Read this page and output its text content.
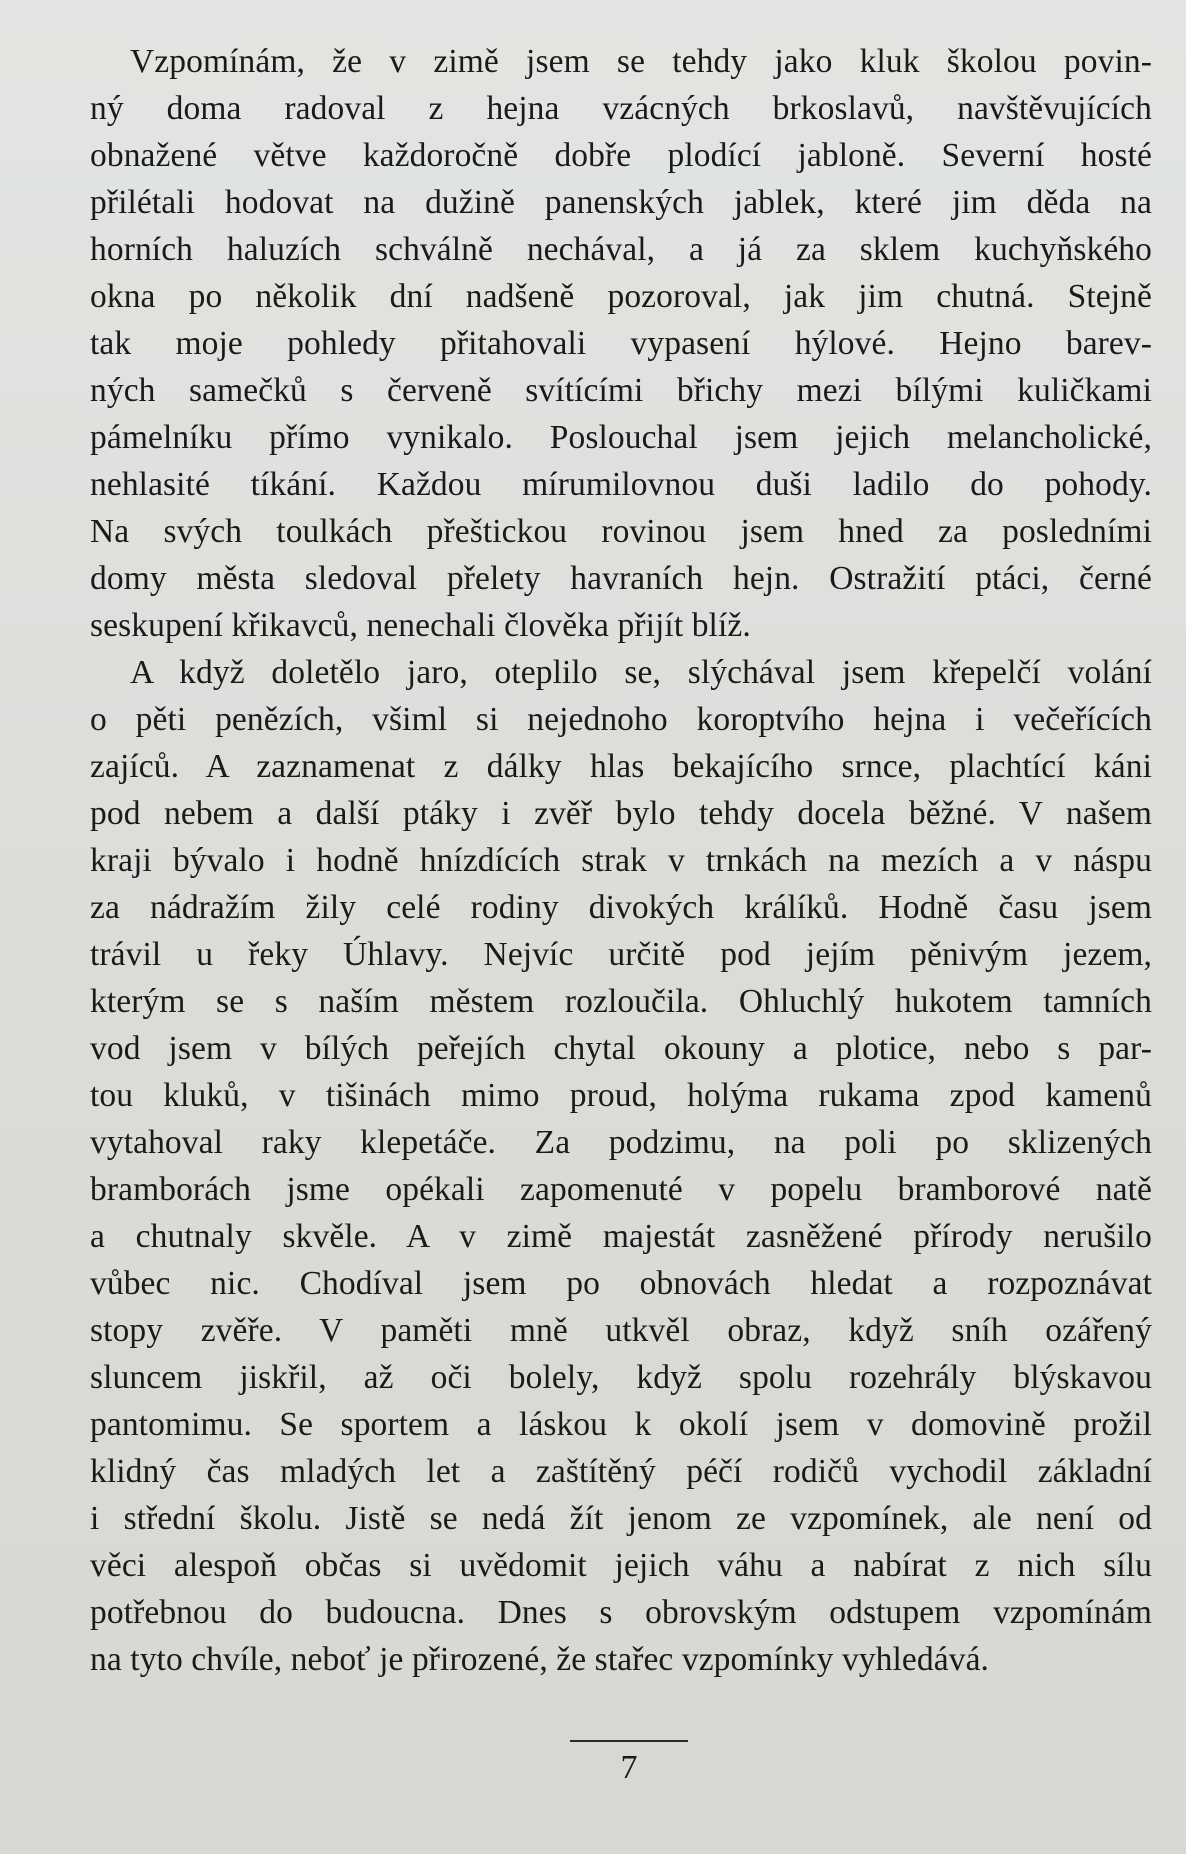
Vzpomínám, že v zimě jsem se tehdy jako kluk školou povin-
ný doma radoval z hejna vzácných brkoslavů, navštěvujících
obnažené větve každoročně dobře plodící jabloně. Severní hosté
přilétali hodovat na dužině panenských jablek, které jim děda na
horních haluzích schválně nechával, a já za sklem kuchyňského
okna po několik dní nadšeně pozoroval, jak jim chutná. Stejně
tak moje pohledy přitahovali vypasení hýlové. Hejno barev-
ných samečků s červeně svítícími břichy mezi bílými kuličkami
pámelníku přímo vynikalo. Poslouchal jsem jejich melancholické,
nehlasité tíkání. Každou mírumilovnou duši ladilo do pohody.
Na svých toulkách přeštickou rovinou jsem hned za posledními
domy města sledoval přelety havraních hejn. Ostražití ptáci, černé
seskupení křikavců, nenechali člověka přijít blíž.
A když doletělo jaro, oteplilo se, slýchával jsem křepelčí volání
o pěti penězích, všiml si nejednoho koroptvího hejna i večeřících
zajíců. A zaznamenat z dálky hlas bekajícího srnce, plachtící káni
pod nebem a další ptáky i zvěř bylo tehdy docela běžné. V našem
kraji bývalo i hodně hnízdících strak v trnkách na mezích a v náspu
za nádražím žily celé rodiny divokých králíků. Hodně času jsem
trávil u řeky Úhlavy. Nejvíc určitě pod jejím pěnivým jezem,
kterým se s naším městem rozloučila. Ohluchlý hukotem tamních
vod jsem v bílých peřejích chytal okouny a plotice, nebo s par-
tou kluků, v tišinách mimo proud, holýma rukama zpod kamenů
vytahoval raky klepetáče. Za podzimu, na poli po sklizených
bramborách jsme opékali zapomenuté v popelu bramborové natě
a chutnaly skvěle. A v zimě majestát zasněžené přírody nerušilo
vůbec nic. Chodíval jsem po obnovách hledat a rozpoznávat
stopy zvěře. V paměti mně utkvěl obraz, když sníh ozářený
sluncem jiskřil, až oči bolely, když spolu rozehrály blýskavou
pantomimu. Se sportem a láskou k okolí jsem v domovině prožil
klidný čas mladých let a zaštítěný péčí rodičů vychodil základní
i střední školu. Jistě se nedá žít jenom ze vzpomínek, ale není od
věci alespoň občas si uvědomit jejich váhu a nabírat z nich sílu
potřebnou do budoucna. Dnes s obrovským odstupem vzpomínám
na tyto chvíle, neboť je přirozené, že stařec vzpomínky vyhledává.
7
